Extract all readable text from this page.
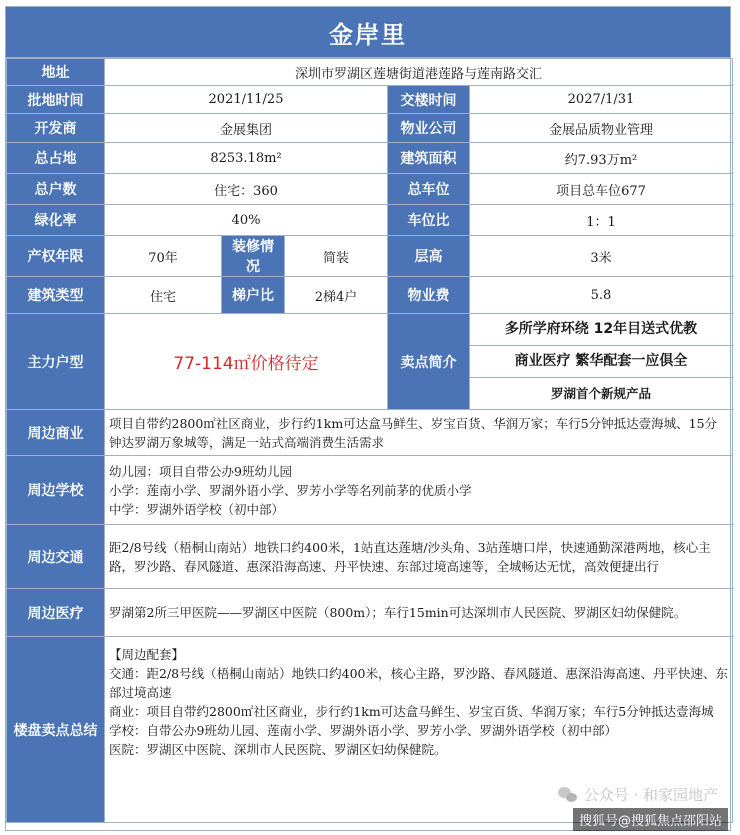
金岸里
地址	深圳市罗湖区莲塘街道港莲路与莲南路交汇				
批地时间	2021/11/25			交楼时间	2027/1/31
开发商	金展集团			物业公司	金展品质物业管理
总占地	8253.18m²			建筑面积	约7.93万m²
总户数	住宅：360			总车位	项目总车位677
绿化率	40%			车位比	1：1
产权年限	70年	装修情况	简装	层高	3米
建筑类型	住宅	梯户比	2梯4户	物业费	5.8
主力户型	77-114㎡价格待定			卖点简介	多所学府环绕 12年目送式优教
商业医疗 繁华配套一应俱全
罗湖首个新规产品

周边商业	项目自带约2800㎡社区商业，步行约1km可达盒马鲜生、岁宝百货、华润万家；车行5分钟抵达壹海城、15分钟达罗湖万象城等，满足一站式高端消费生活需求				
周边学校	幼儿园：项目自带公办9班幼儿园
小学：莲南小学、罗湖外语小学、罗芳小学等名列前茅的优质小学
中学：罗湖外语学校（初中部）				

周边交通	距2/8号线（梧桐山南站）地铁口约400米，1站直达莲塘/沙头角、3站莲塘口岸，快速通勤深港两地，核心主路，罗沙路、春风隧道、惠深沿海高速、丹平快速、东部过境高速等，全城畅达无忧，高效便捷出行				
周边医疗	罗湖第2所三甲医院——罗湖区中医院（800m）；车行15min可达深圳市人民医院、罗湖区妇幼保健院。				
楼盘卖点总结	【周边配套】
交通：距2/8号线（梧桐山南站）地铁口约400米，核心主路，罗沙路、春风隧道、惠深沿海高速、丹平快速、东部过境高速
商业：项目自带约2800㎡社区商业，步行约1km可达盒马鲜生、岁宝百货、华润万家；车行5分钟抵达壹海城
学校：自带公办9班幼儿园、莲南小学、罗湖外语小学、罗芳小学、罗湖外语学校（初中部）
医院：罗湖区中医院、深圳市人民医院、罗湖区妇幼保健院。				
公众号 · 和家园地产
搜狐号@搜狐焦点邵阳站
